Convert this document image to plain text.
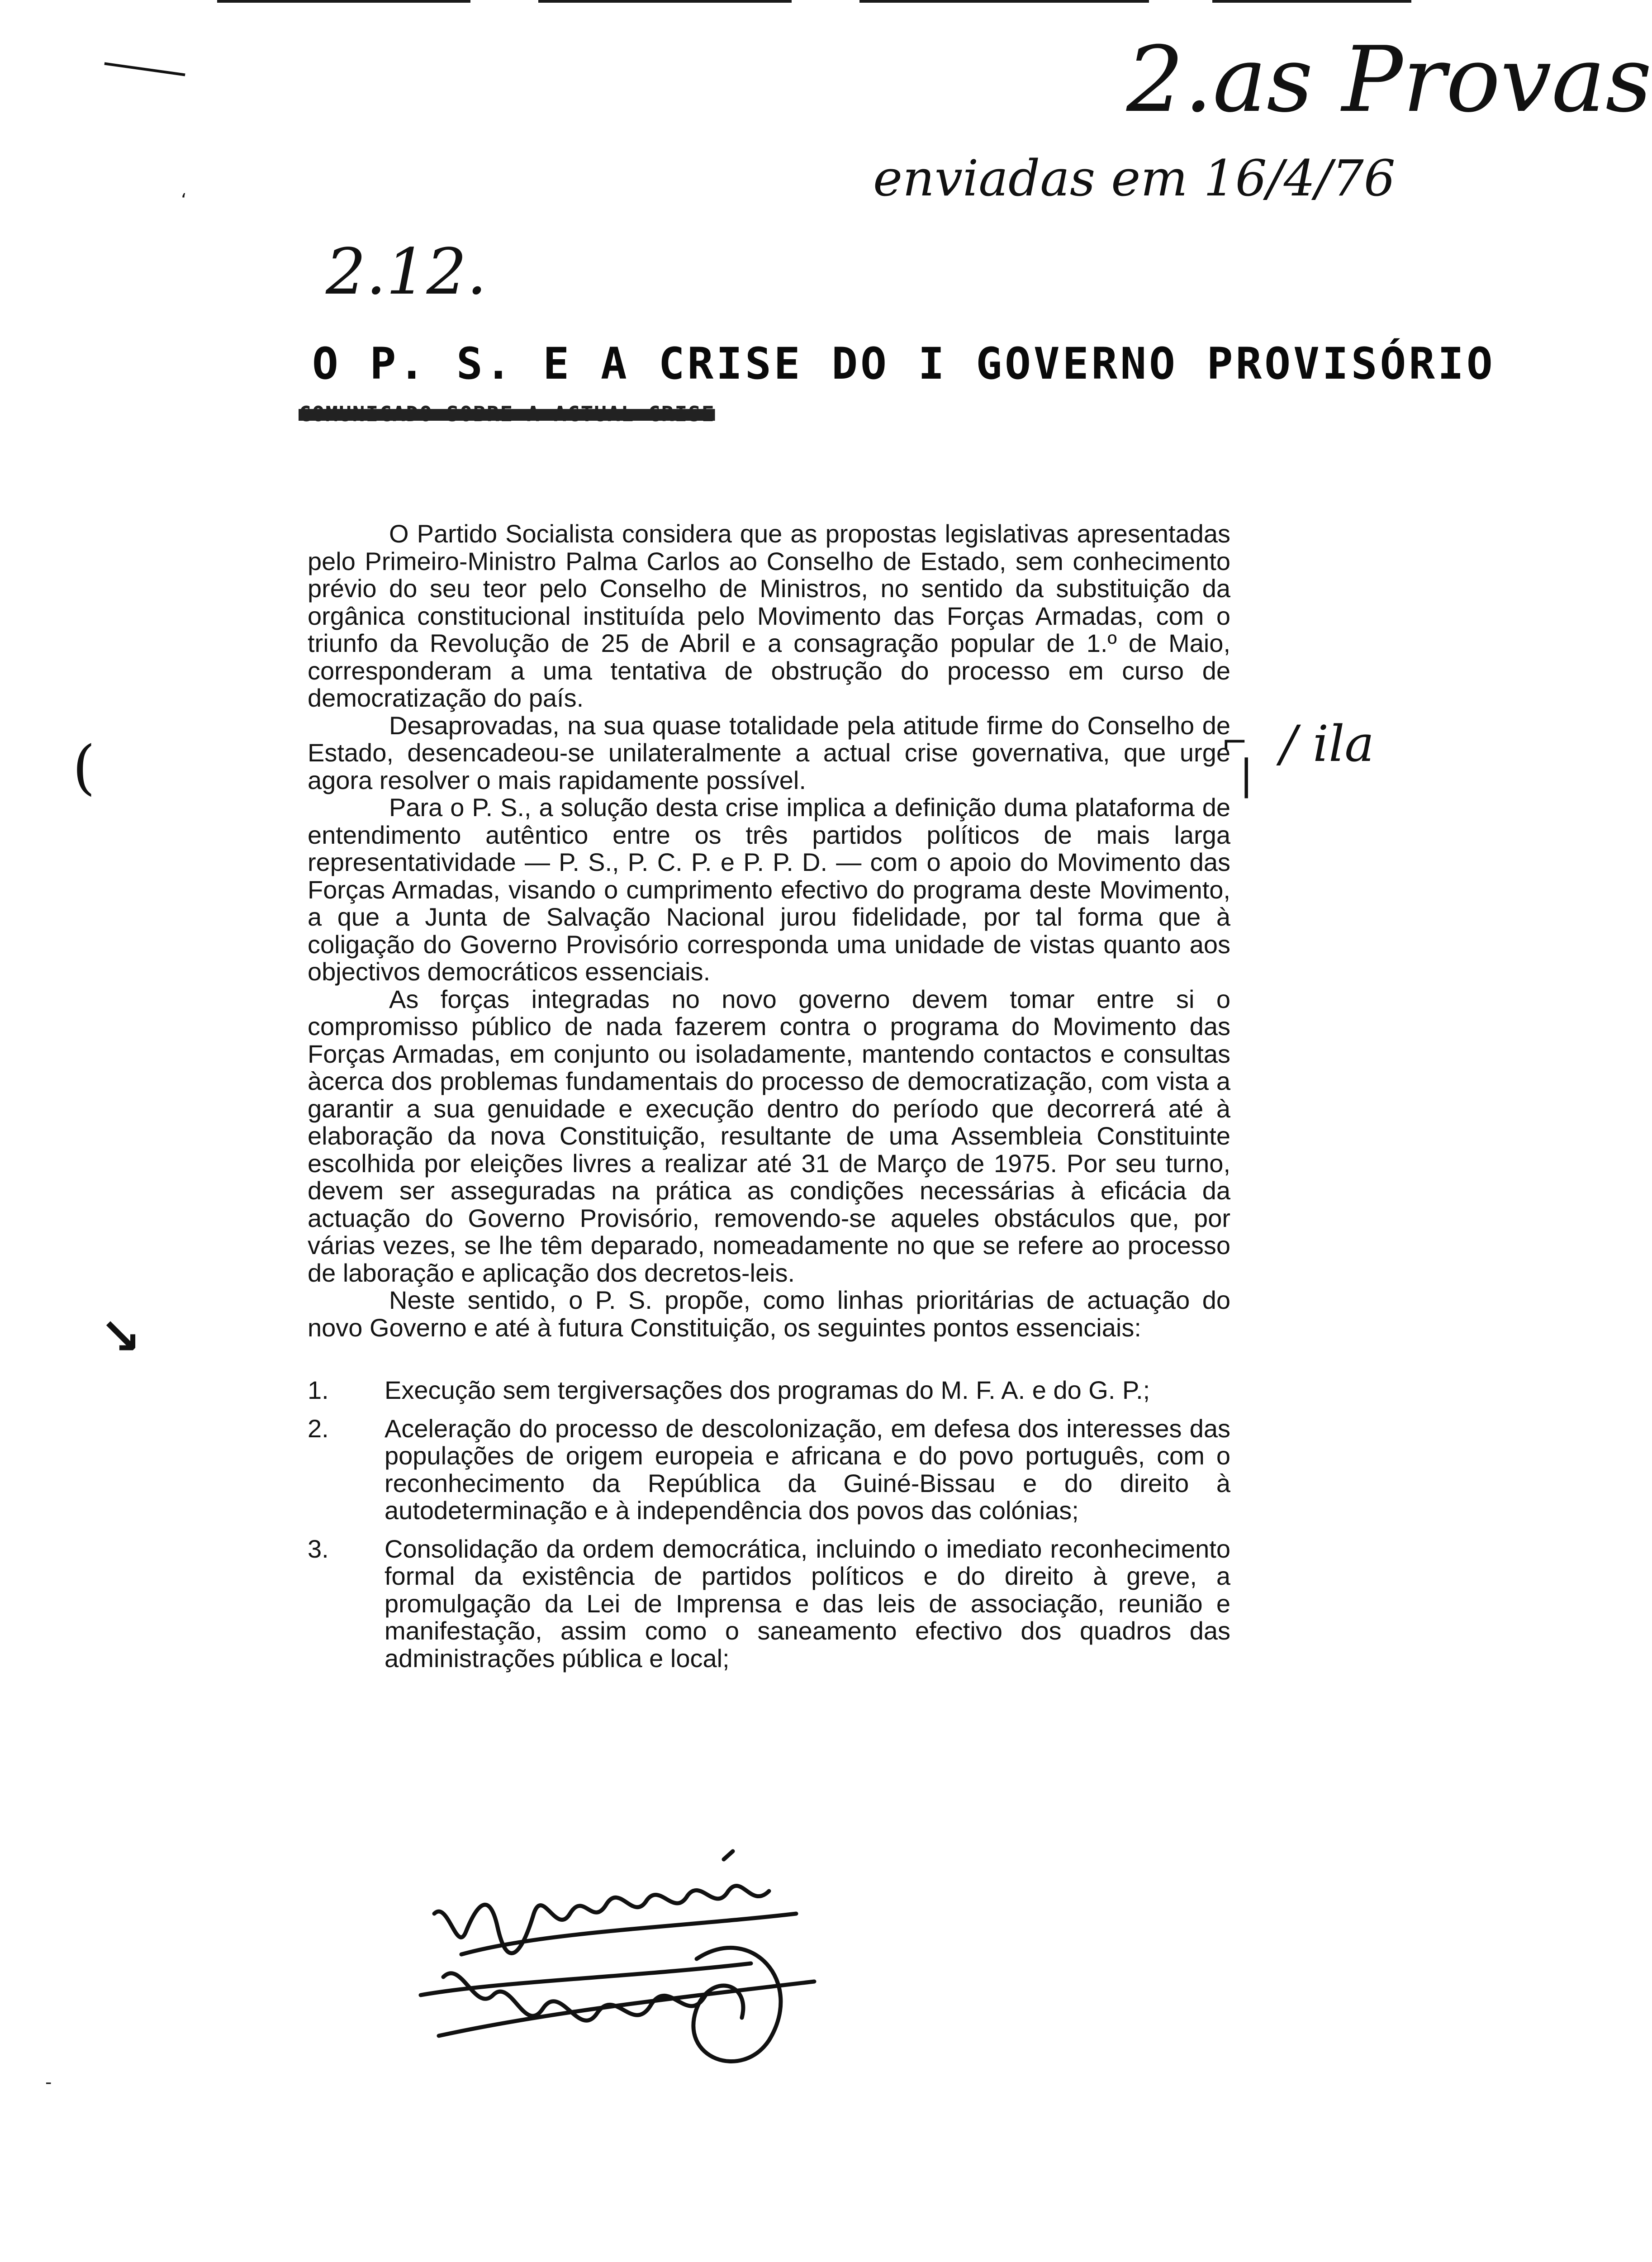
‘
(
↘
-
2.as Provas
enviadas em 16/4/76
2.12.
/ ila
⌐
|
O P. S. E A CRISE DO I GOVERNO PROVISÓRIO
COMUNICADO SOBRE A ACTUAL CRISE

O Partido Socialista considera que as propostas legislativas apresentadas pelo Primeiro-Ministro Palma Carlos ao Conselho de Estado, sem conhecimento prévio do seu teor pelo Conselho de Ministros, no sentido da substituição da orgânica constitucional instituída pelo Movimento das Forças Armadas, com o triunfo da Revolução de 25 de Abril e a consagração popular de 1.º de Maio, corresponderam a uma tentativa de obstrução do processo em curso de democratização do país.

Desaprovadas, na sua quase totalidade pela atitude firme do Conselho de Estado, desencadeou-se unilateralmente a actual crise governativa, que urge agora resolver o mais rapidamente possível.

Para o P. S., a solução desta crise implica a definição duma plataforma de entendimento autêntico entre os três partidos políticos de mais larga representatividade — P. S., P. C. P. e P. P. D. — com o apoio do Movimento das Forças Armadas, visando o cumprimento efectivo do programa deste Movimento, a que a Junta de Salvação Nacional jurou fidelidade, por tal forma que à coligação do Governo Provisório corresponda uma unidade de vistas quanto aos objectivos democráticos essenciais.

As forças integradas no novo governo devem tomar entre si o compromisso público de nada fazerem contra o programa do Movimento das Forças Armadas, em conjunto ou isoladamente, mantendo contactos e consultas àcerca dos problemas fundamentais do processo de democratização, com vista a garantir a sua genuidade e execução dentro do período que decorrerá até à elaboração da nova Constituição, resultante de uma Assembleia Constituinte escolhida por eleições livres a realizar até 31 de Março de 1975. Por seu turno, devem ser asseguradas na prática as condições necessárias à eficácia da actuação do Governo Provisório, removendo-se aqueles obstáculos que, por várias vezes, se lhe têm deparado, nomeadamente no que se refere ao processo de laboração e aplicação dos decretos-leis.

Neste sentido, o P. S. propõe, como linhas prioritárias de actuação do novo Governo e até à futura Constituição, os seguintes pontos essenciais:

1.	Execução sem tergiversações dos programas do M. F. A. e do G. P.;
2.	Aceleração do processo de descolonização, em defesa dos interesses das populações de origem europeia e africana e do povo português, com o reconhecimento da República da Guiné-Bissau e do direito à autodeterminação e à independência dos povos das colónias;
3.	Consolidação da ordem democrática, incluindo o imediato reconhecimento formal da existência de partidos políticos e do direito à greve, a promulgação da Lei de Imprensa e das leis de associação, reunião e manifestação, assim como o saneamento efectivo dos quadros das administrações pública e local;
